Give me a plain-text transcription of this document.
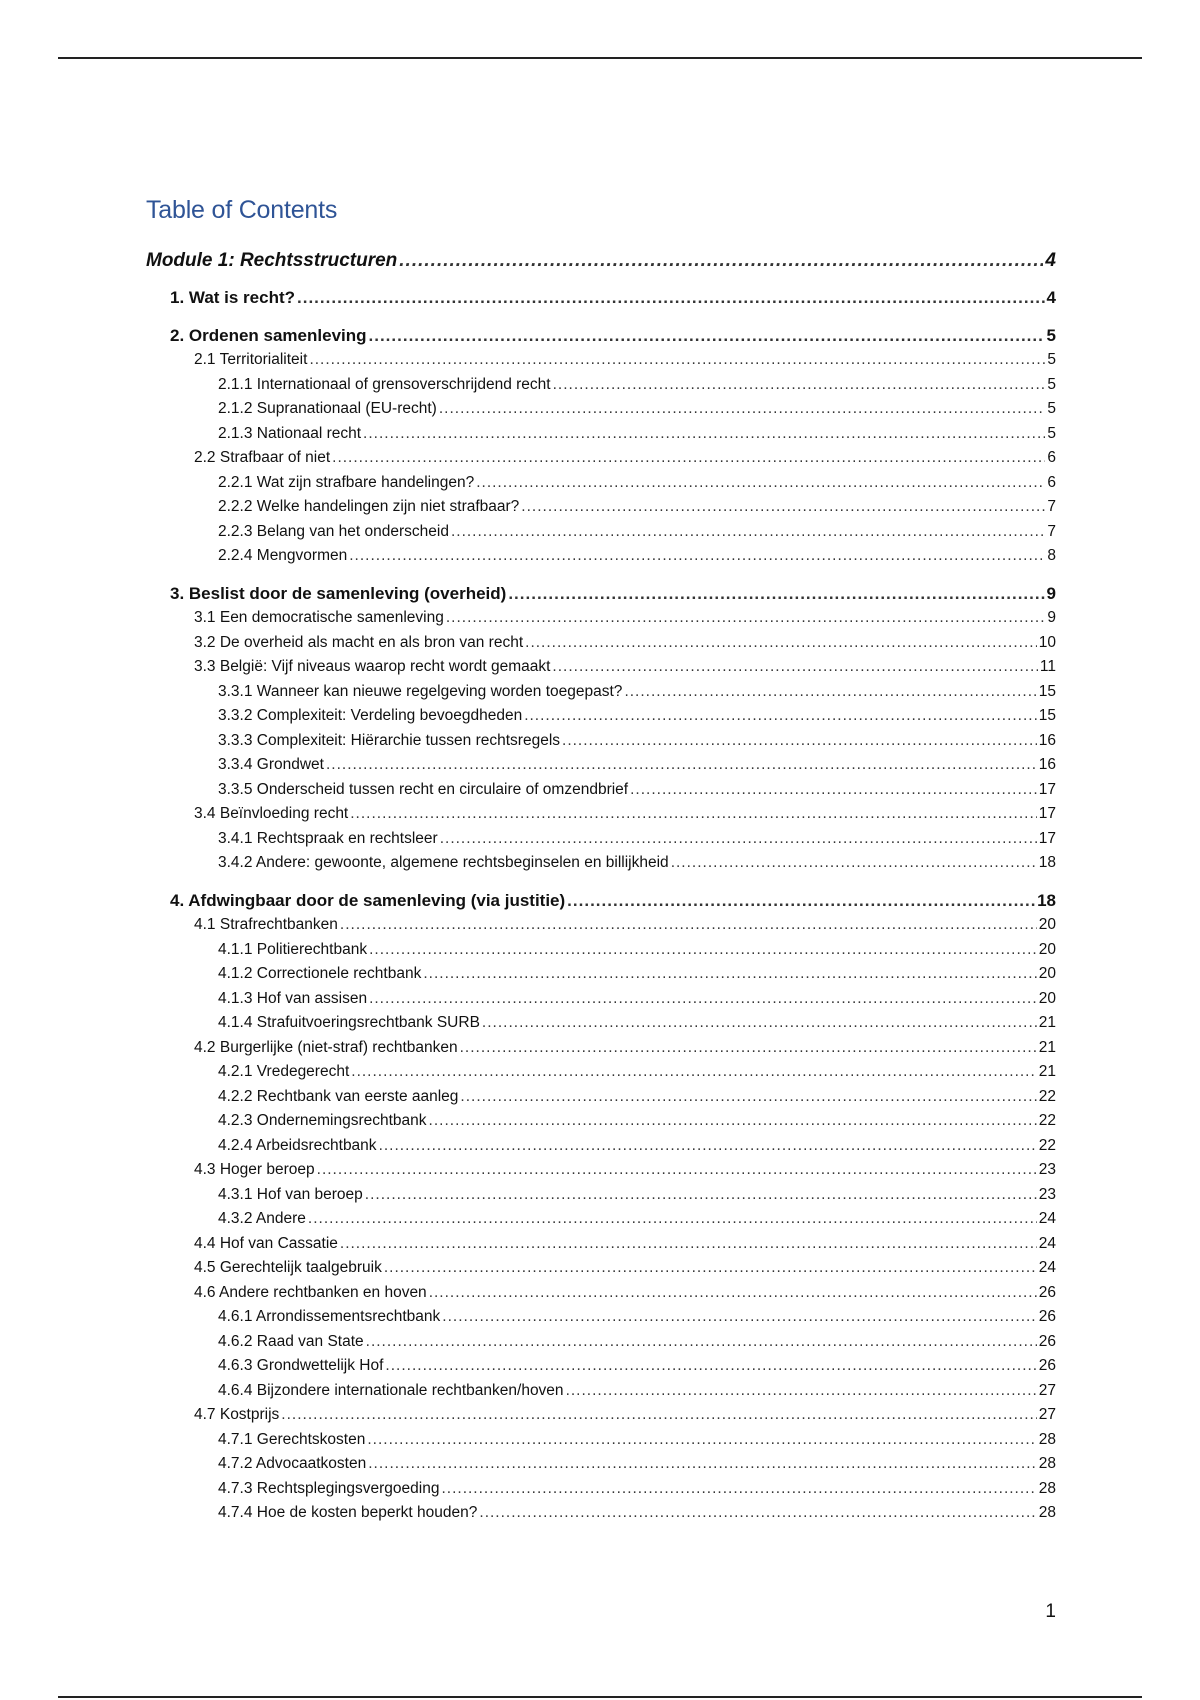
Table of Contents
Module 1: Rechtsstructuren .....	4
1. Wat is recht? .....	4
2. Ordenen samenleving .....	5
2.1 Territorialiteit .....	5
2.1.1 Internationaal of grensoverschrijdend recht .....	5
2.1.2 Supranationaal (EU-recht) .....	5
2.1.3 Nationaal recht .....	5
2.2 Strafbaar of niet .....	6
2.2.1 Wat zijn strafbare handelingen? .....	6
2.2.2 Welke handelingen zijn niet strafbaar? .....	7
2.2.3 Belang van het onderscheid .....	7
2.2.4 Mengvormen .....	8
3. Beslist door de samenleving (overheid) .....	9
3.1 Een democratische samenleving .....	9
3.2 De overheid als macht en als bron van recht .....	10
3.3 België: Vijf niveaus waarop recht wordt gemaakt .....	11
3.3.1 Wanneer kan nieuwe regelgeving worden toegepast? .....	15
3.3.2 Complexiteit: Verdeling bevoegdheden .....	15
3.3.3 Complexiteit: Hiërarchie tussen rechtsregels .....	16
3.3.4 Grondwet .....	16
3.3.5 Onderscheid tussen recht en circulaire of omzendbrief .....	17
3.4 Beïnvloeding recht .....	17
3.4.1 Rechtspraak en rechtsleer .....	17
3.4.2 Andere: gewoonte, algemene rechtsbeginselen en billijkheid .....	18
4. Afdwingbaar door de samenleving (via justitie) .....	18
4.1 Strafrechtbanken .....	20
4.1.1 Politierechtbank .....	20
4.1.2 Correctionele rechtbank .....	20
4.1.3 Hof van assisen .....	20
4.1.4 Strafuitvoeringsrechtbank SURB .....	21
4.2 Burgerlijke (niet-straf) rechtbanken .....	21
4.2.1 Vredegerecht .....	21
4.2.2 Rechtbank van eerste aanleg .....	22
4.2.3 Ondernemingsrechtbank .....	22
4.2.4 Arbeidsrechtbank .....	22
4.3 Hoger beroep .....	23
4.3.1 Hof van beroep .....	23
4.3.2 Andere .....	24
4.4 Hof van Cassatie .....	24
4.5 Gerechtelijk taalgebruik .....	24
4.6 Andere rechtbanken en hoven .....	26
4.6.1 Arrondissementsrechtbank .....	26
4.6.2 Raad van State .....	26
4.6.3 Grondwettelijk Hof .....	26
4.6.4 Bijzondere internationale rechtbanken/hoven .....	27
4.7 Kostprijs .....	27
4.7.1 Gerechtskosten .....	28
4.7.2 Advocaatkosten .....	28
4.7.3 Rechtsplegingsvergoeding .....	28
4.7.4 Hoe de kosten beperkt houden? .....	28
1
